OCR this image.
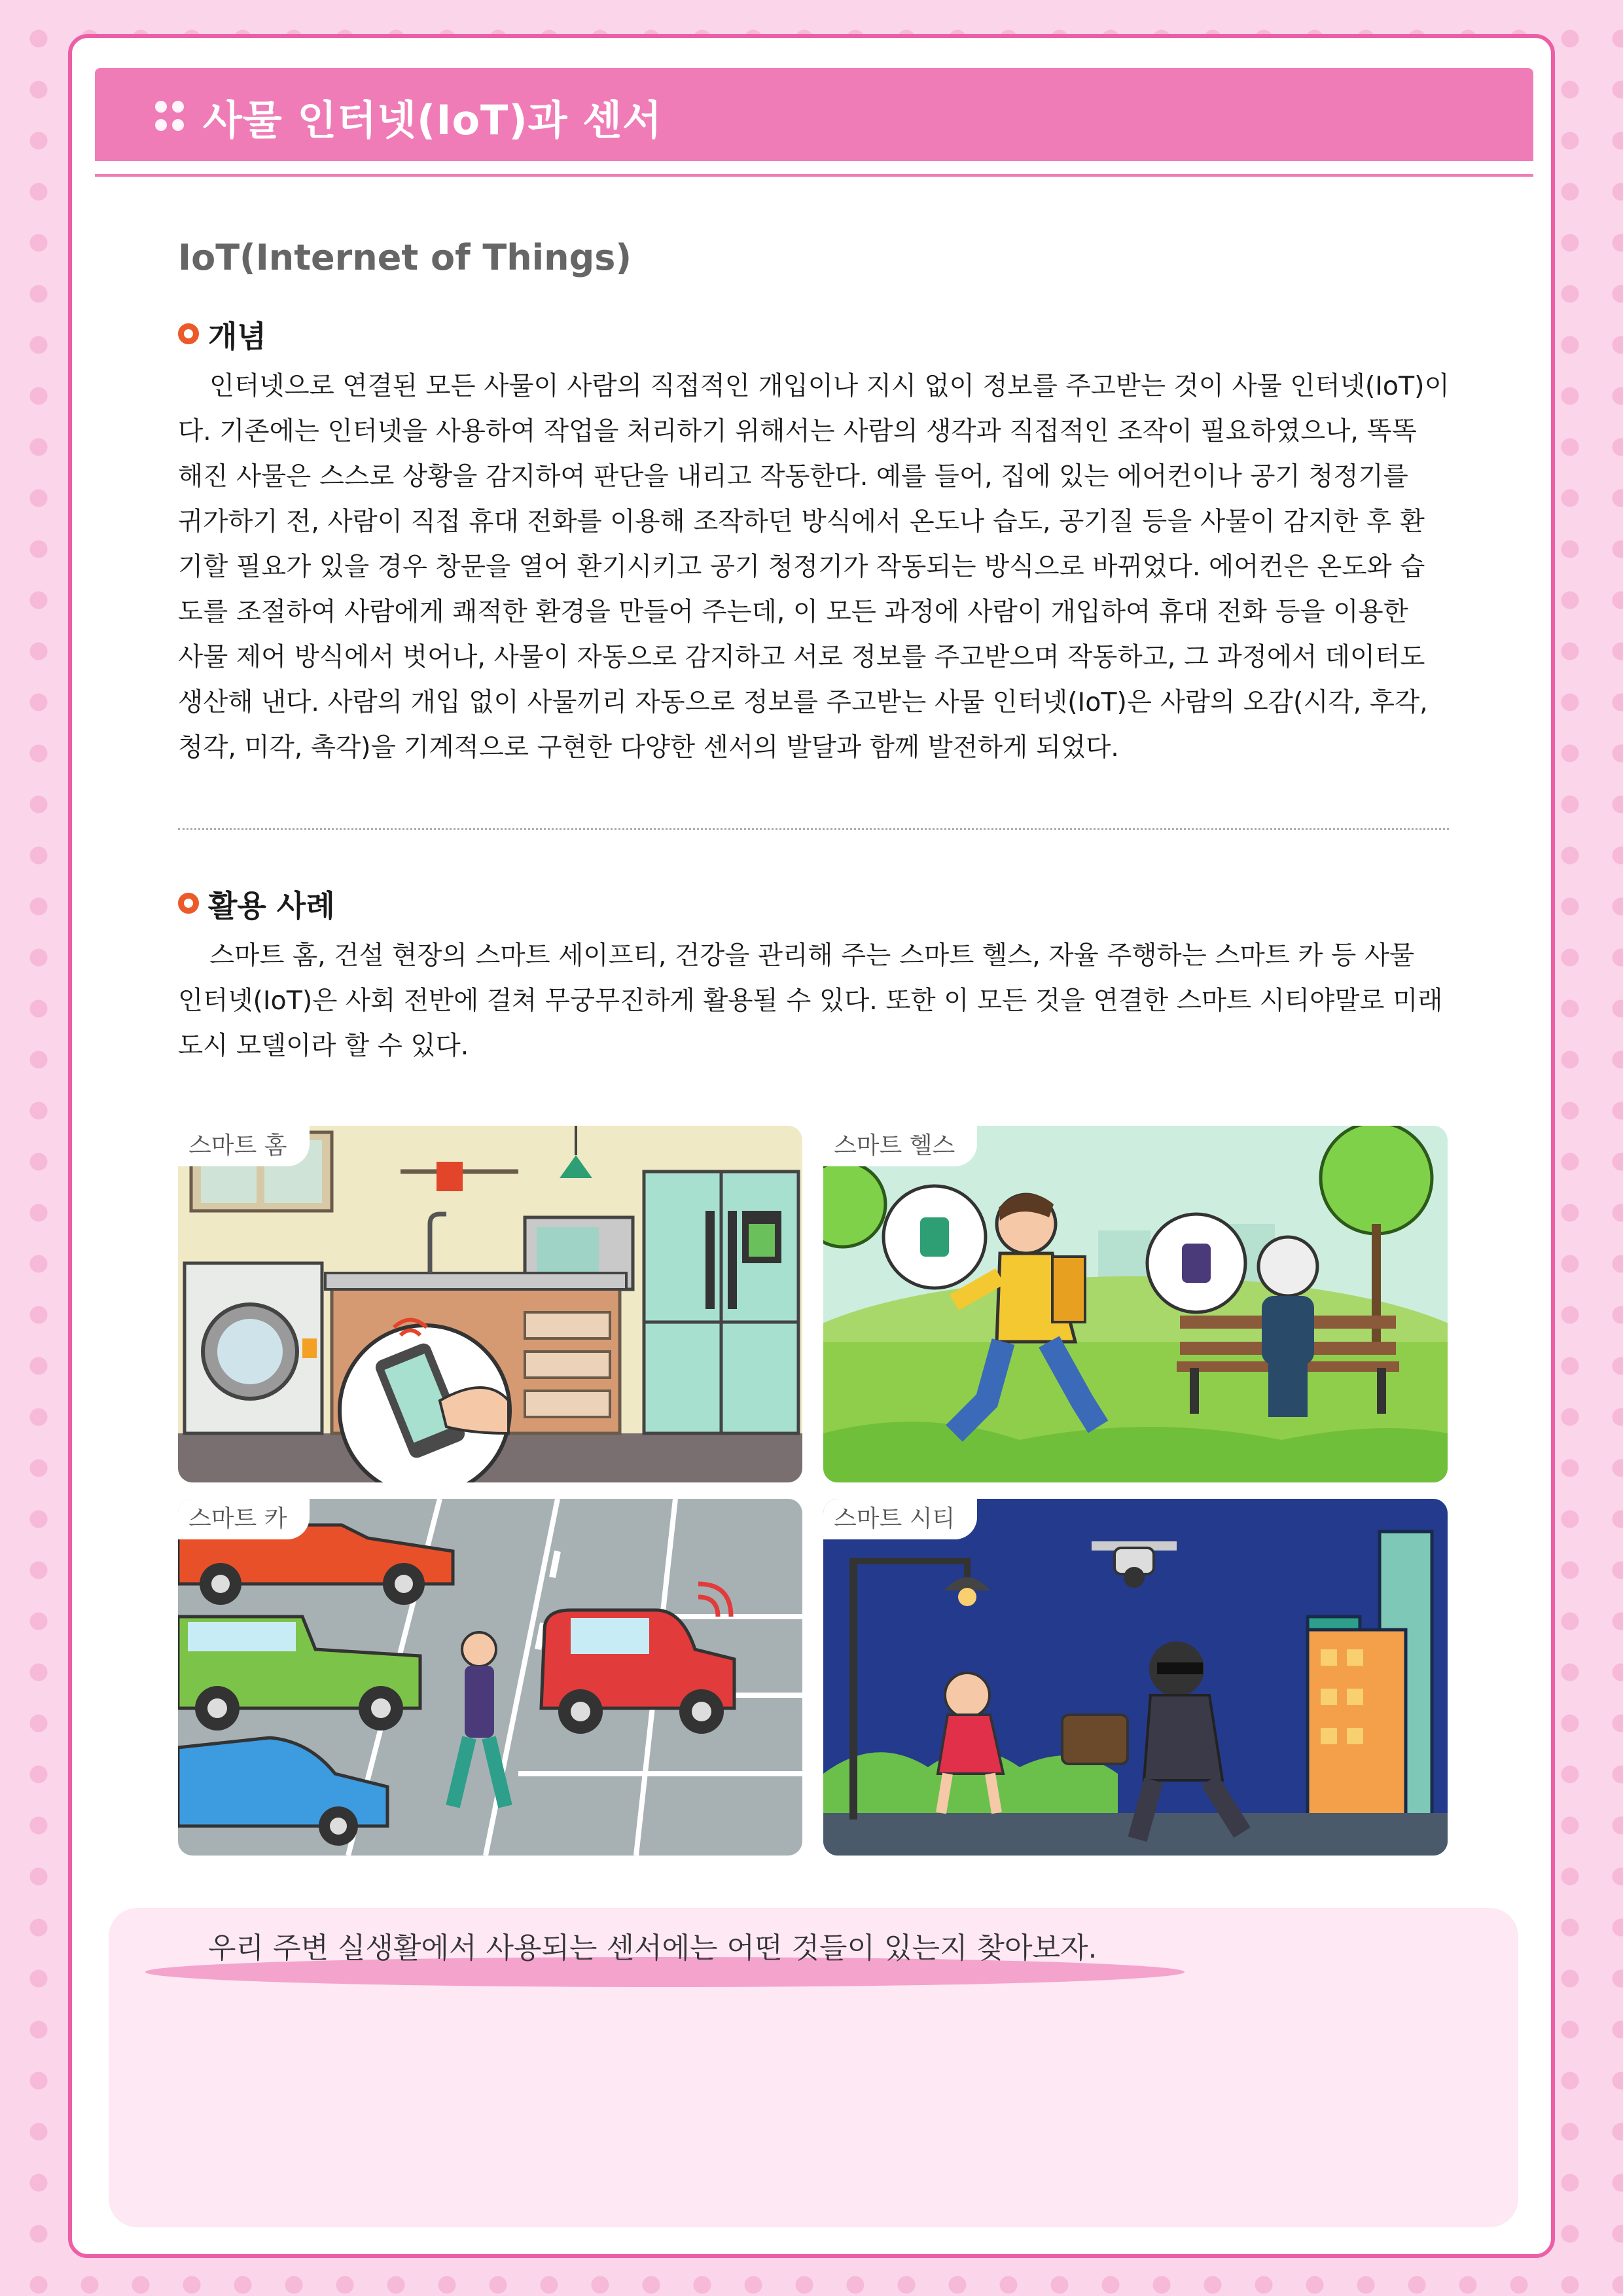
사물 인터넷(IoT)과 센서
IoT(Internet of Things)
개념
인터넷으로 연결된 모든 사물이 사람의 직접적인 개입이나 지시 없이 정보를 주고받는 것이 사물 인터넷(IoT)이
다. 기존에는 인터넷을 사용하여 작업을 처리하기 위해서는 사람의 생각과 직접적인 조작이 필요하였으나, 똑똑
해진 사물은 스스로 상황을 감지하여 판단을 내리고 작동한다. 예를 들어, 집에 있는 에어컨이나 공기 청정기를
귀가하기 전, 사람이 직접 휴대 전화를 이용해 조작하던 방식에서 온도나 습도, 공기질 등을 사물이 감지한 후 환
기할 필요가 있을 경우 창문을 열어 환기시키고 공기 청정기가 작동되는 방식으로 바뀌었다. 에어컨은 온도와 습
도를 조절하여 사람에게 쾌적한 환경을 만들어 주는데, 이 모든 과정에 사람이 개입하여 휴대 전화 등을 이용한
사물 제어 방식에서 벗어나, 사물이 자동으로 감지하고 서로 정보를 주고받으며 작동하고, 그 과정에서 데이터도
생산해 낸다. 사람의 개입 없이 사물끼리 자동으로 정보를 주고받는 사물 인터넷(IoT)은 사람의 오감(시각, 후각,
청각, 미각, 촉각)을 기계적으로 구현한 다양한 센서의 발달과 함께 발전하게 되었다.
활용 사례
스마트 홈, 건설 현장의 스마트 세이프티, 건강을 관리해 주는 스마트 헬스, 자율 주행하는 스마트 카 등 사물
인터넷(IoT)은 사회 전반에 걸쳐 무궁무진하게 활용될 수 있다. 또한 이 모든 것을 연결한 스마트 시티야말로 미래
도시 모델이라 할 수 있다.
스마트 홈	스마트 헬스
스마트 카	스마트 시티
우리 주변 실생활에서 사용되는 센서에는 어떤 것들이 있는지 찾아보자.
